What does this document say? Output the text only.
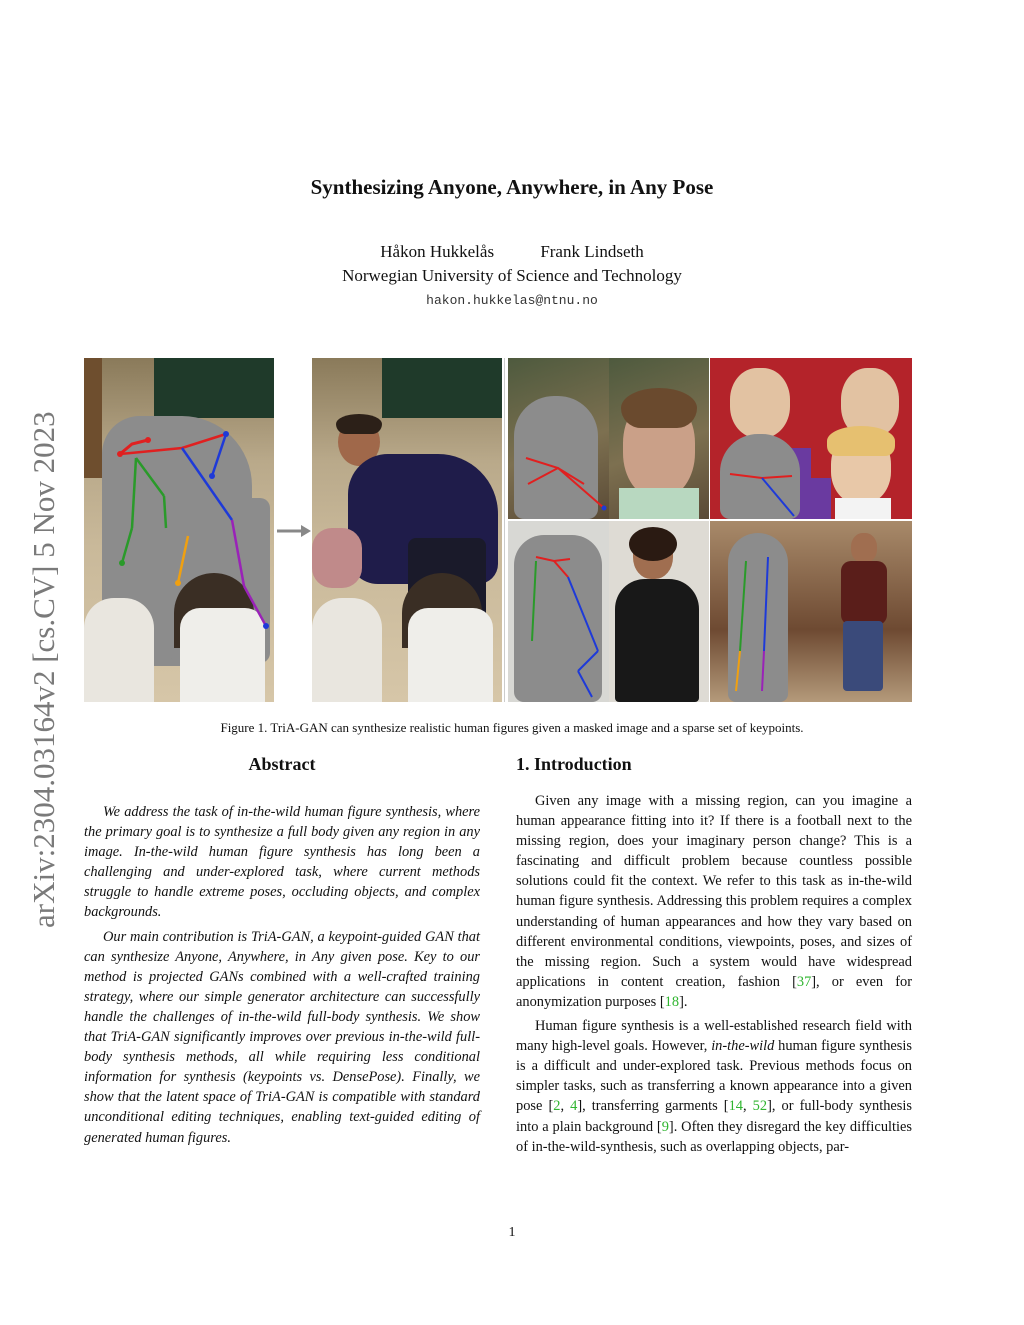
arXiv:2304.03164v2 [cs.CV] 5 Nov 2023
Synthesizing Anyone, Anywhere, in Any Pose
Håkon Hukkelås	Frank Lindseth
Norwegian University of Science and Technology
hakon.hukkelas@ntnu.no
Figure 1. TriA-GAN can synthesize realistic human figures given a masked image and a sparse set of keypoints.
Abstract	1. Introduction

We address the task of in-the-wild human figure synthesis, where the primary goal is to synthesize a full body given any region in any image. In-the-wild human figure synthesis has long been a challenging and under-explored task, where current methods struggle to handle extreme poses, occluding objects, and complex backgrounds.

Our main contribution is TriA-GAN, a keypoint-guided GAN that can synthesize Anyone, Anywhere, in Any given pose. Key to our method is projected GANs combined with a well-crafted training strategy, where our simple generator architecture can successfully handle the challenges of in-the-wild full-body synthesis. We show that TriA-GAN significantly improves over previous in-the-wild full-body synthesis methods, all while requiring less conditional information for synthesis (keypoints vs. DensePose). Finally, we show that the latent space of TriA-GAN is compatible with standard unconditional editing techniques, enabling text-guided editing of generated human figures.

Given any image with a missing region, can you imagine a human appearance fitting into it? If there is a football next to the missing region, does your imaginary person change? This is a fascinating and difficult problem because countless possible solutions could fit the context. We refer to this task as in-the-wild human figure synthesis. Addressing this problem requires a complex understanding of human appearances and how they vary based on different environmental conditions, viewpoints, poses, and sizes of the missing region. Such a system would have widespread applications in content creation, fashion [37], or even for anonymization purposes [18].

Human figure synthesis is a well-established research field with many high-level goals. However, in-the-wild human figure synthesis is a difficult and under-explored task. Previous methods focus on simpler tasks, such as transferring a known appearance into a given pose [2, 4], transferring garments [14, 52], or full-body synthesis into a plain background [9]. Often they disregard the key difficulties of in-the-wild-synthesis, such as overlapping objects, par-

1
